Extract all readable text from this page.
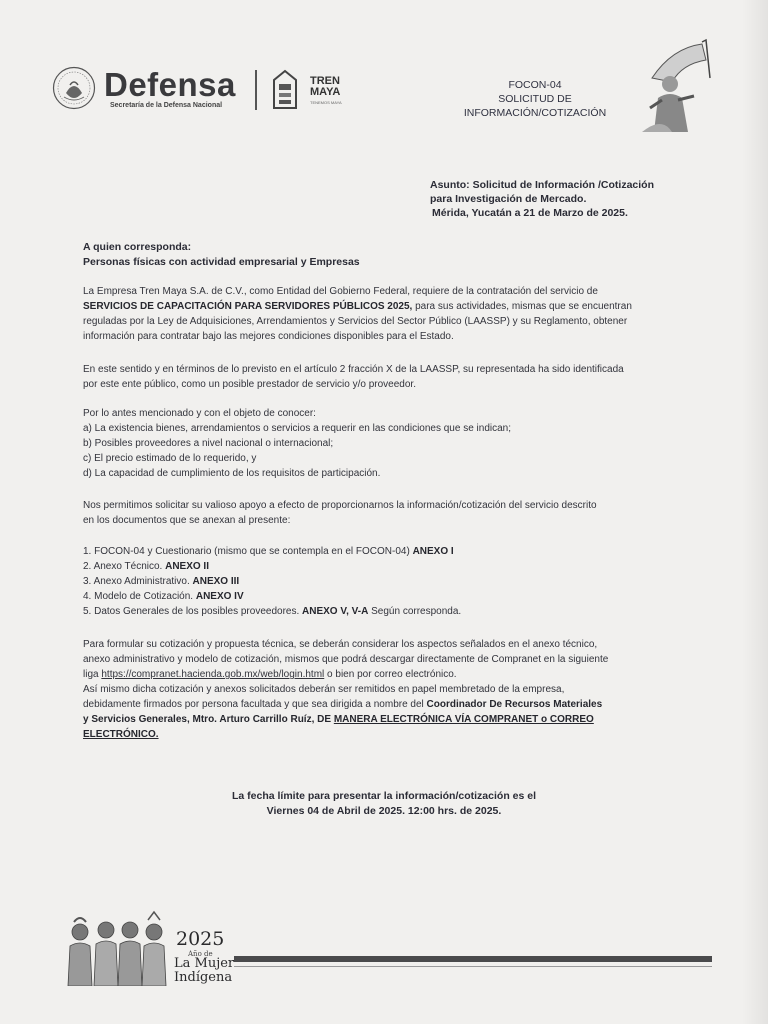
Defensa
Secretaría de la Defensa Nacional
TREN MAYA
TENEMOS MAYA
FOCON-04
SOLICITUD DE
INFORMACIÓN/COTIZACIÓN
Asunto: Solicitud de Información /Cotización
para Investigación de Mercado.
Mérida, Yucatán a 21 de Marzo de 2025.
A quien corresponda:
Personas físicas con actividad empresarial y Empresas
La Empresa Tren Maya S.A. de C.V., como Entidad del Gobierno Federal, requiere de la contratación del servicio de
SERVICIOS DE CAPACITACIÓN PARA SERVIDORES PÚBLICOS 2025, para sus actividades, mismas que se encuentran
reguladas por la Ley de Adquisiciones, Arrendamientos y Servicios del Sector Público (LAASSP) y su Reglamento, obtener
información para contratar bajo las mejores condiciones disponibles para el Estado.
En este sentido y en términos de lo previsto en el artículo 2 fracción X de la LAASSP, su representada ha sido identificada
por este ente público, como un posible prestador de servicio y/o proveedor.
Por lo antes mencionado y con el objeto de conocer:
a) La existencia bienes, arrendamientos o servicios a requerir en las condiciones que se indican;
b) Posibles proveedores a nivel nacional o internacional;
c) El precio estimado de lo requerido, y
d) La capacidad de cumplimiento de los requisitos de participación.
Nos permitimos solicitar su valioso apoyo a efecto de proporcionarnos la información/cotización del servicio descrito
en los documentos que se anexan al presente:
1. FOCON-04 y Cuestionario (mismo que se contempla en el FOCON-04) ANEXO I
2. Anexo Técnico. ANEXO II
3. Anexo Administrativo. ANEXO III
4. Modelo de Cotización. ANEXO IV
5. Datos Generales de los posibles proveedores. ANEXO V, V-A Según corresponda.
Para formular su cotización y propuesta técnica, se deberán considerar los aspectos señalados en el anexo técnico,
anexo administrativo y modelo de cotización, mismos que podrá descargar directamente de Compranet en la siguiente
liga https://compranet.hacienda.gob.mx/web/login.html o bien por correo electrónico.
Así mismo dicha cotización y anexos solicitados deberán ser remitidos en papel membretado de la empresa,
debidamente firmados por persona facultada y que sea dirigida a nombre del Coordinador De Recursos Materiales
y Servicios Generales, Mtro. Arturo Carrillo Ruíz, DE MANERA ELECTRÓNICA VÍA COMPRANET o CORREO
ELECTRÓNICO.
La fecha límite para presentar la información/cotización es el
Viernes 04 de Abril de 2025. 12:00 hrs. de 2025.
2025
Año de
La Mujer
Indígena
